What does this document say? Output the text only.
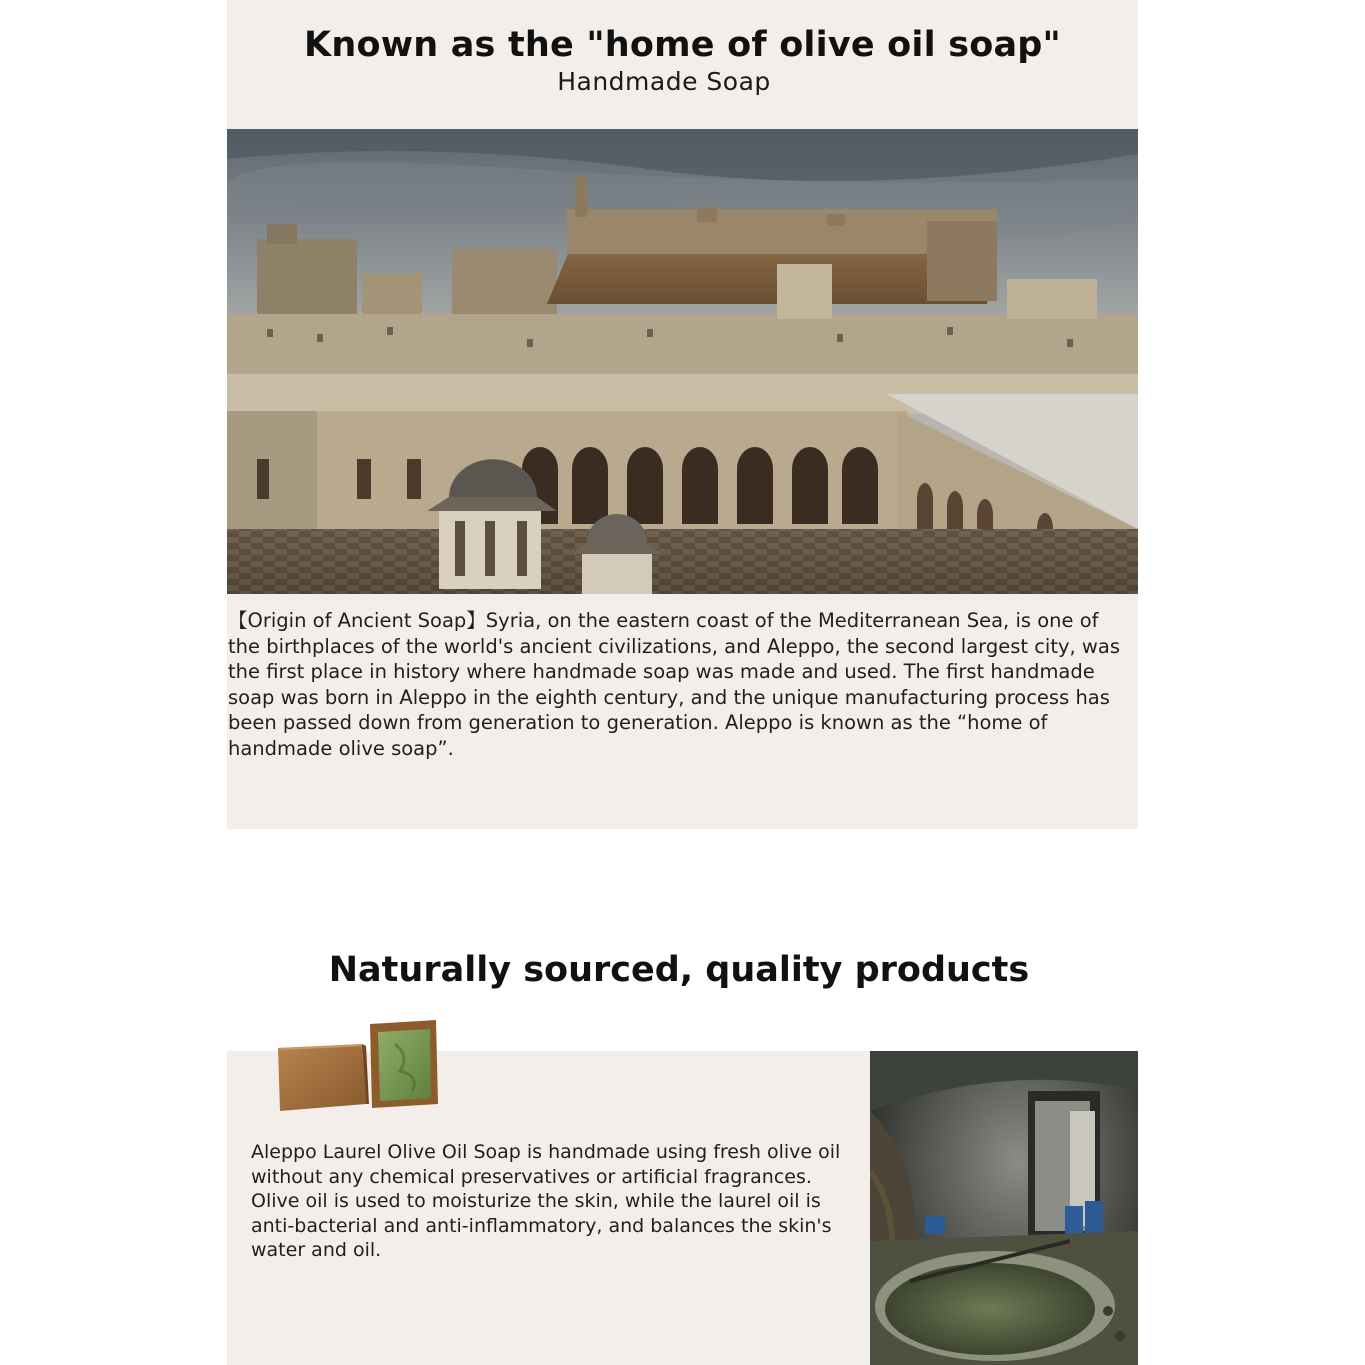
Known as the "home of olive oil soap"
Handmade Soap

【Origin of Ancient Soap】Syria, on the eastern coast of the Mediterranean Sea, is one of the birthplaces of the world's ancient civilizations, and Aleppo, the second largest city, was the first place in history where handmade soap was made and used. The first handmade soap was born in Aleppo in the eighth century, and the unique manufacturing process has been passed down from generation to generation. Aleppo is known as the “home of handmade olive soap”.

Naturally sourced, quality products

Aleppo Laurel Olive Oil Soap is handmade using fresh olive oil without any chemical preservatives or artificial fragrances. Olive oil is used to moisturize the skin, while the laurel oil is anti-bacterial and anti-inflammatory, and balances the skin's water and oil.
